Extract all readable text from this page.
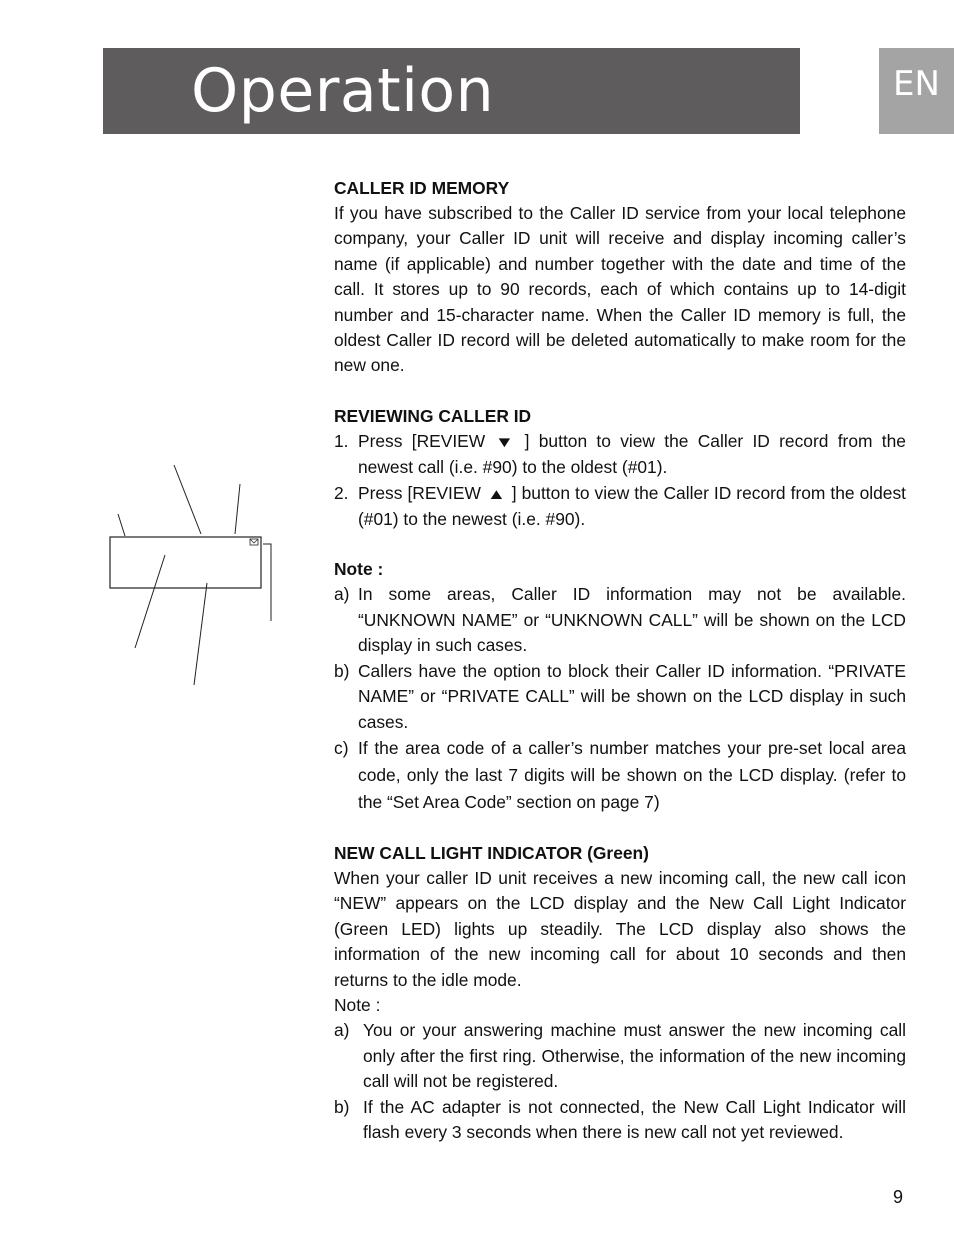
Operation	EN

CALLER ID MEMORY

If you have subscribed to the Caller ID service from your local telephone company, your Caller ID unit will receive and display incoming caller’s name (if applicable) and number together with the date and time of the call. It stores up to 90 records, each of which contains up to 14-digit number and 15-character name. When the Caller ID memory is full, the oldest Caller ID record will be deleted automatically to make room for the new one.

REVIEWING CALLER ID

1. Press [REVIEW ▼ ] button to view the Caller ID record from the newest call (i.e. #90) to the oldest (#01).
2. Press [REVIEW ▲ ] button to view the Caller ID record from the oldest (#01) to the newest (i.e. #90).

Note :

a) In some areas, Caller ID information may not be available. “UNKNOWN NAME” or “UNKNOWN CALL” will be shown on the LCD display in such cases.
b) Callers have the option to block their Caller ID information. “PRIVATE NAME” or “PRIVATE CALL” will be shown on the LCD display in such cases.
c) If the area code of a caller’s number matches your pre-set local area code, only the last 7 digits will be shown on the LCD display. (refer to the “Set Area Code” section on page 7)

NEW CALL LIGHT INDICATOR (Green)

When your caller ID unit receives a new incoming call, the new call icon “NEW” appears on the LCD display and the New Call Light Indicator (Green LED) lights up steadily. The LCD display also shows the information of the new incoming call for about 10 seconds and then returns to the idle mode.

Note :

a) You or your answering machine must answer the new incoming call only after the first ring. Otherwise, the information of the new incoming call will not be registered.
b) If the AC adapter is not connected, the New Call Light Indicator will flash every 3 seconds when there is new call not yet reviewed.
9
